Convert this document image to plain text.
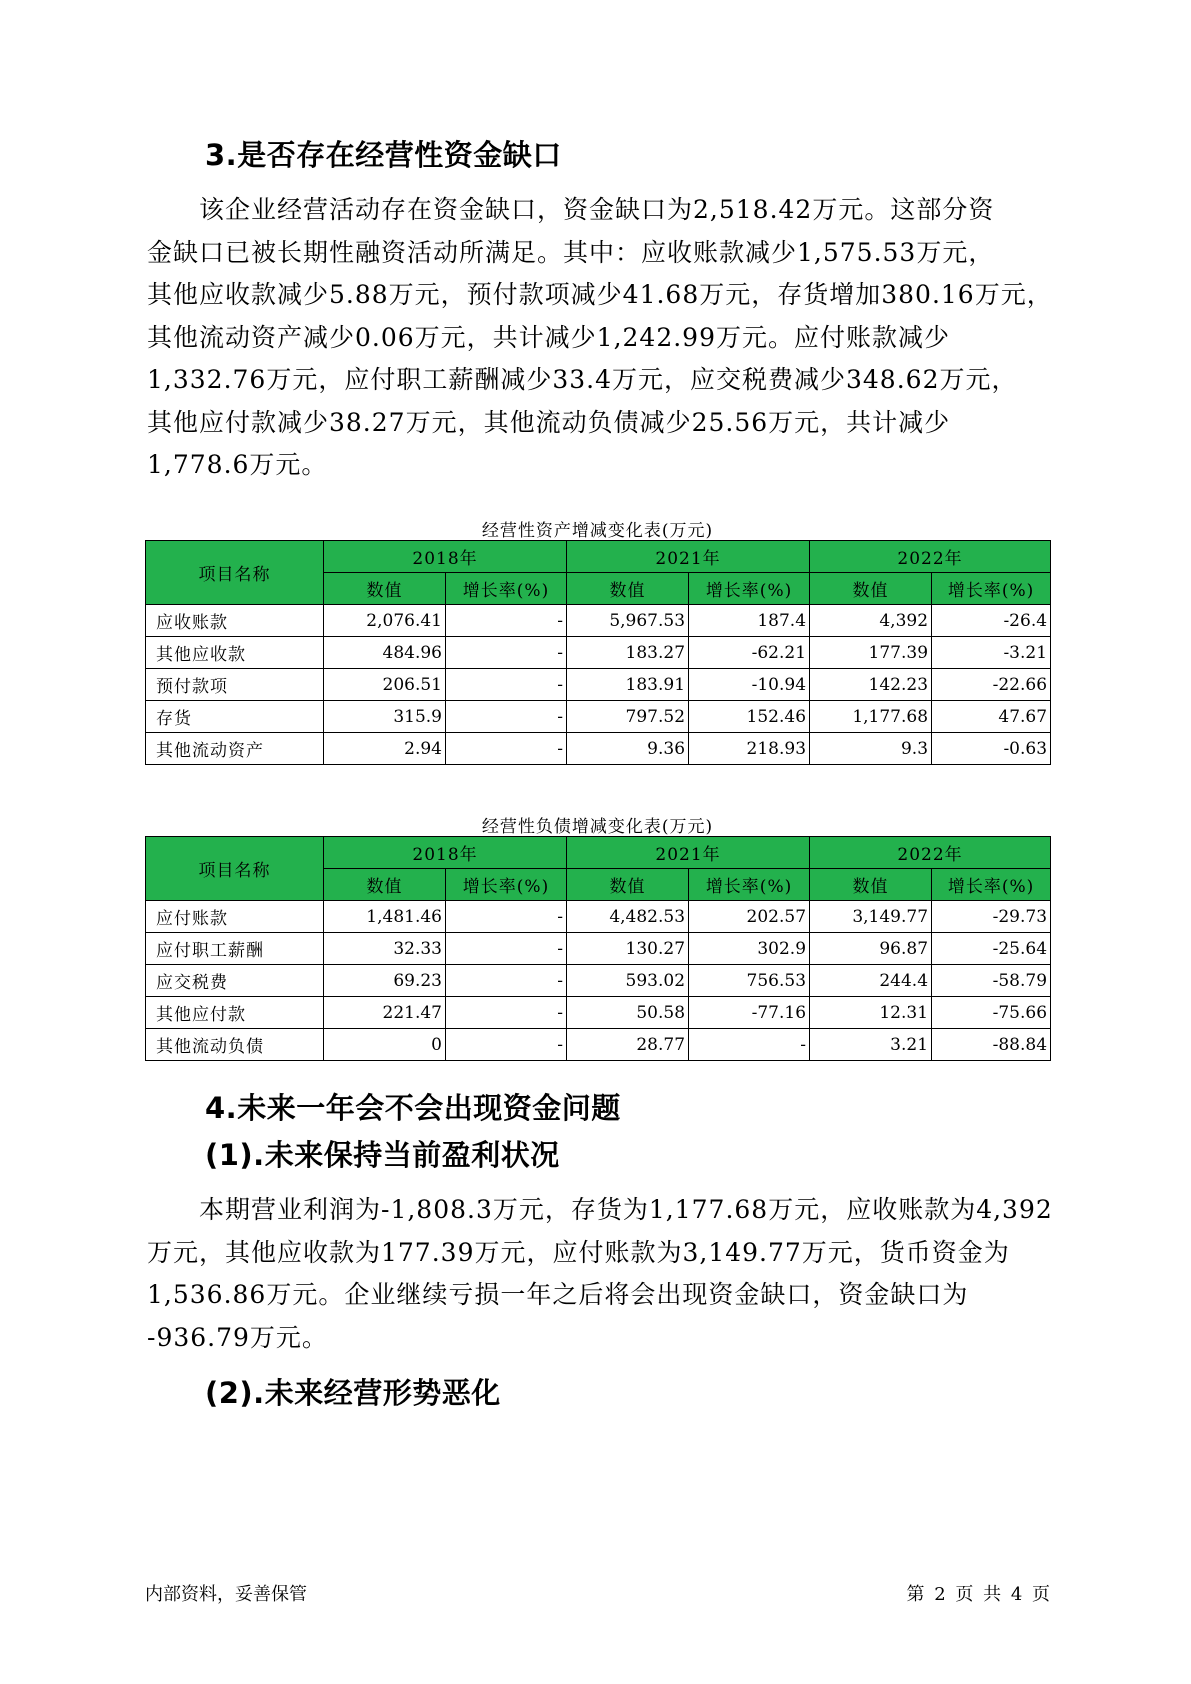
3.是否存在经营性资金缺口
该企业经营活动存在资金缺口，资金缺口为2,518.42万元。这部分资
金缺口已被长期性融资活动所满足。其中：应收账款减少1,575.53万元，
其他应收款减少5.88万元，预付款项减少41.68万元，存货增加380.16万元，
其他流动资产减少0.06万元，共计减少1,242.99万元。应付账款减少
1,332.76万元，应付职工薪酬减少33.4万元，应交税费减少348.62万元，
其他应付款减少38.27万元，其他流动负债减少25.56万元，共计减少
1,778.6万元。
经营性资产增减变化表(万元)
项目名称	2018年		2021年		2022年	
	数值	增长率(%)	数值	增长率(%)	数值	增长率(%)
应收账款	2,076.41	-	5,967.53	187.4	4,392	-26.4
其他应收款	484.96	-	183.27	-62.21	177.39	-3.21
预付款项	206.51	-	183.91	-10.94	142.23	-22.66
存货	315.9	-	797.52	152.46	1,177.68	47.67
其他流动资产	2.94	-	9.36	218.93	9.3	-0.63
经营性负债增减变化表(万元)
项目名称	2018年		2021年		2022年	
	数值	增长率(%)	数值	增长率(%)	数值	增长率(%)
应付账款	1,481.46	-	4,482.53	202.57	3,149.77	-29.73
应付职工薪酬	32.33	-	130.27	302.9	96.87	-25.64
应交税费	69.23	-	593.02	756.53	244.4	-58.79
其他应付款	221.47	-	50.58	-77.16	12.31	-75.66
其他流动负债	0	-	28.77	-	3.21	-88.84
4.未来一年会不会出现资金问题
(1).未来保持当前盈利状况
本期营业利润为-1,808.3万元，存货为1,177.68万元，应收账款为4,392
万元，其他应收款为177.39万元，应付账款为3,149.77万元，货币资金为
1,536.86万元。企业继续亏损一年之后将会出现资金缺口，资金缺口为
-936.79万元。
(2).未来经营形势恶化
内部资料，妥善保管	第 2 页 共 4 页
